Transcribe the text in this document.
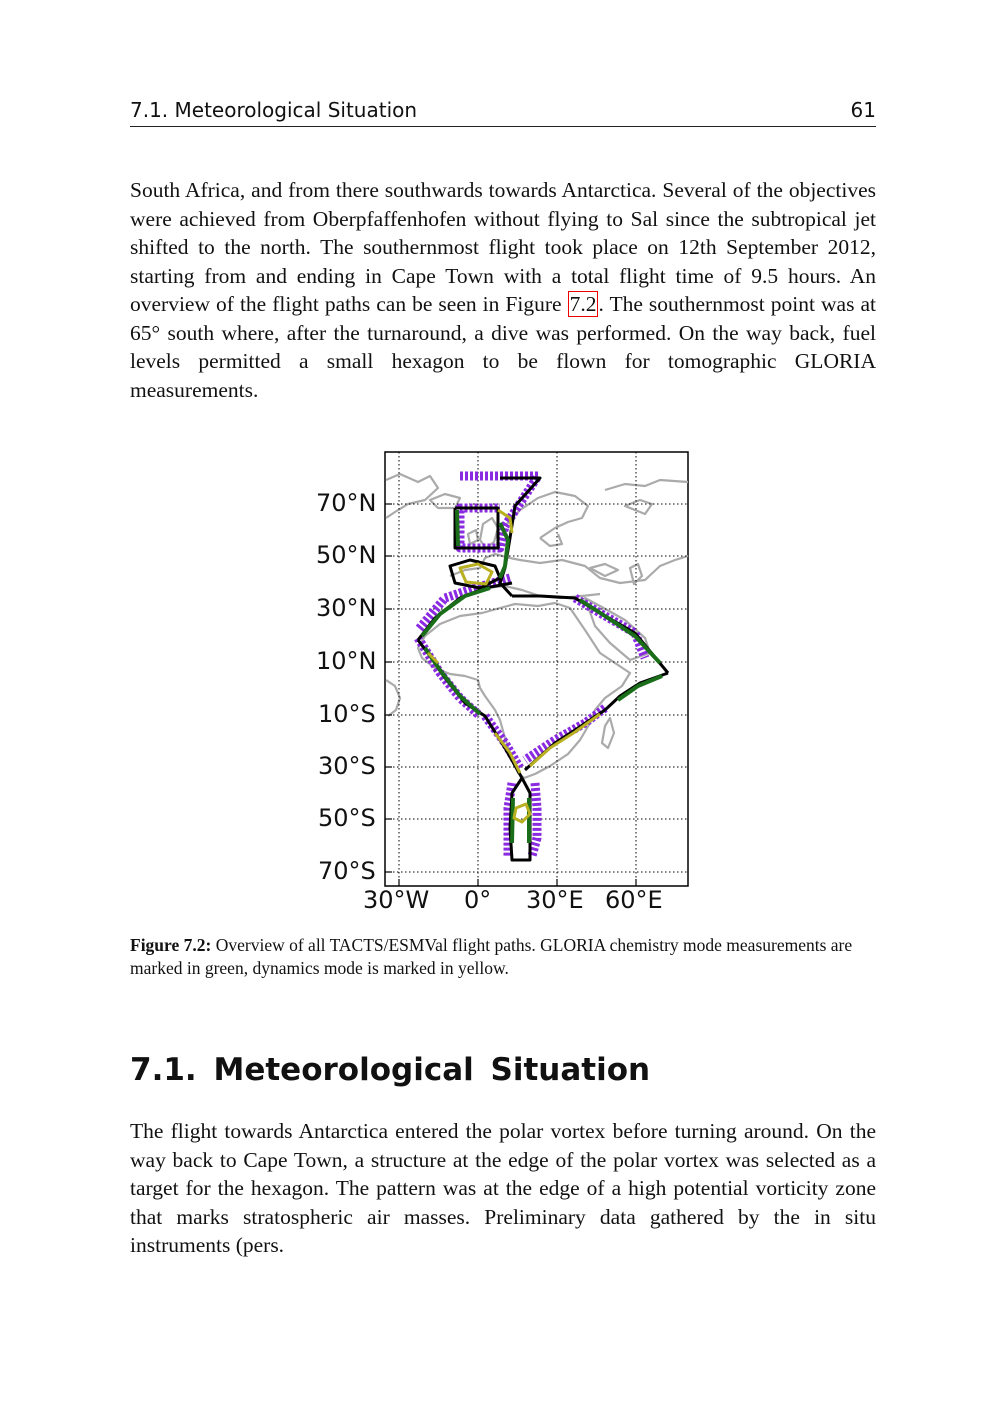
7.1. Meteorological Situation	61

South Africa, and from there southwards towards Antarctica. Several of the objectives were achieved from Oberpfaffenhofen without flying to Sal since the subtropical jet shifted to the north. The southernmost flight took place on 12th September 2012, starting from and ending in Cape Town with a total flight time of 9.5 hours. An overview of the flight paths can be seen in Figure 7.2. The southernmost point was at 65° south where, after the turnaround, a dive was performed. On the way back, fuel levels permitted a small hexagon to be flown for tomographic GLORIA measurements.

70°N
50°N
30°N
10°N
10°S
30°S
50°S
70°S
30°W 0° 30°E 60°E

Figure 7.2: Overview of all TACTS/ESMVal flight paths. GLORIA chemistry mode measurements are marked in green, dynamics mode is marked in yellow.

7.1. Meteorological Situation

The flight towards Antarctica entered the polar vortex before turning around. On the way back to Cape Town, a structure at the edge of the polar vortex was selected as a target for the hexagon. The pattern was at the edge of a high potential vorticity zone that marks stratospheric air masses. Preliminary data gathered by the in situ instruments (pers.
